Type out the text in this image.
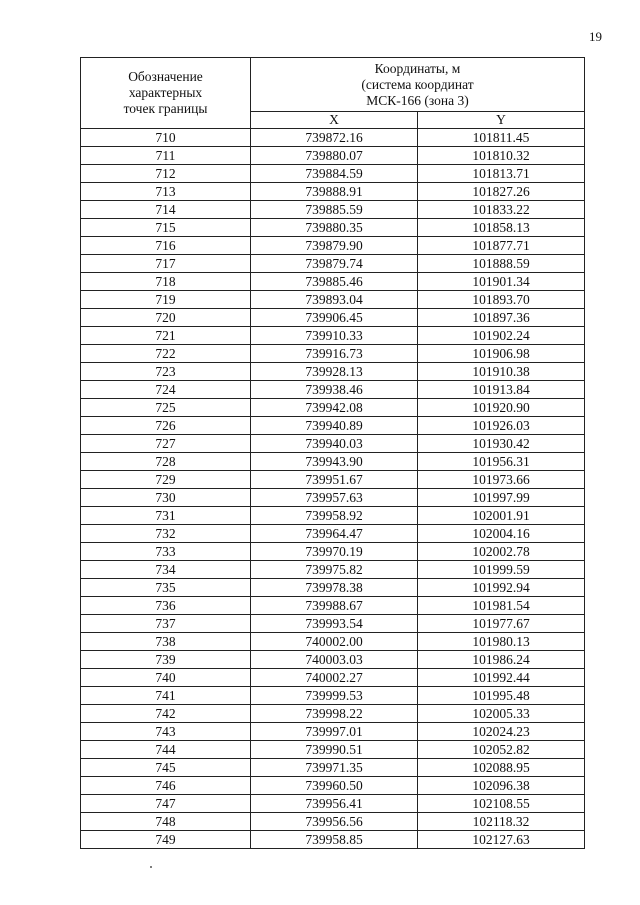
19
Обозначение
характерных
точек границы	Координаты, м
(система координат
МСК-166 (зона 3)	

	X	Y
710	739872.16	101811.45
711	739880.07	101810.32
712	739884.59	101813.71
713	739888.91	101827.26
714	739885.59	101833.22
715	739880.35	101858.13
716	739879.90	101877.71
717	739879.74	101888.59
718	739885.46	101901.34
719	739893.04	101893.70
720	739906.45	101897.36
721	739910.33	101902.24
722	739916.73	101906.98
723	739928.13	101910.38
724	739938.46	101913.84
725	739942.08	101920.90
726	739940.89	101926.03
727	739940.03	101930.42
728	739943.90	101956.31
729	739951.67	101973.66
730	739957.63	101997.99
731	739958.92	102001.91
732	739964.47	102004.16
733	739970.19	102002.78
734	739975.82	101999.59
735	739978.38	101992.94
736	739988.67	101981.54
737	739993.54	101977.67
738	740002.00	101980.13
739	740003.03	101986.24
740	740002.27	101992.44
741	739999.53	101995.48
742	739998.22	102005.33
743	739997.01	102024.23
744	739990.51	102052.82
745	739971.35	102088.95
746	739960.50	102096.38
747	739956.41	102108.55
748	739956.56	102118.32
749	739958.85	102127.63
